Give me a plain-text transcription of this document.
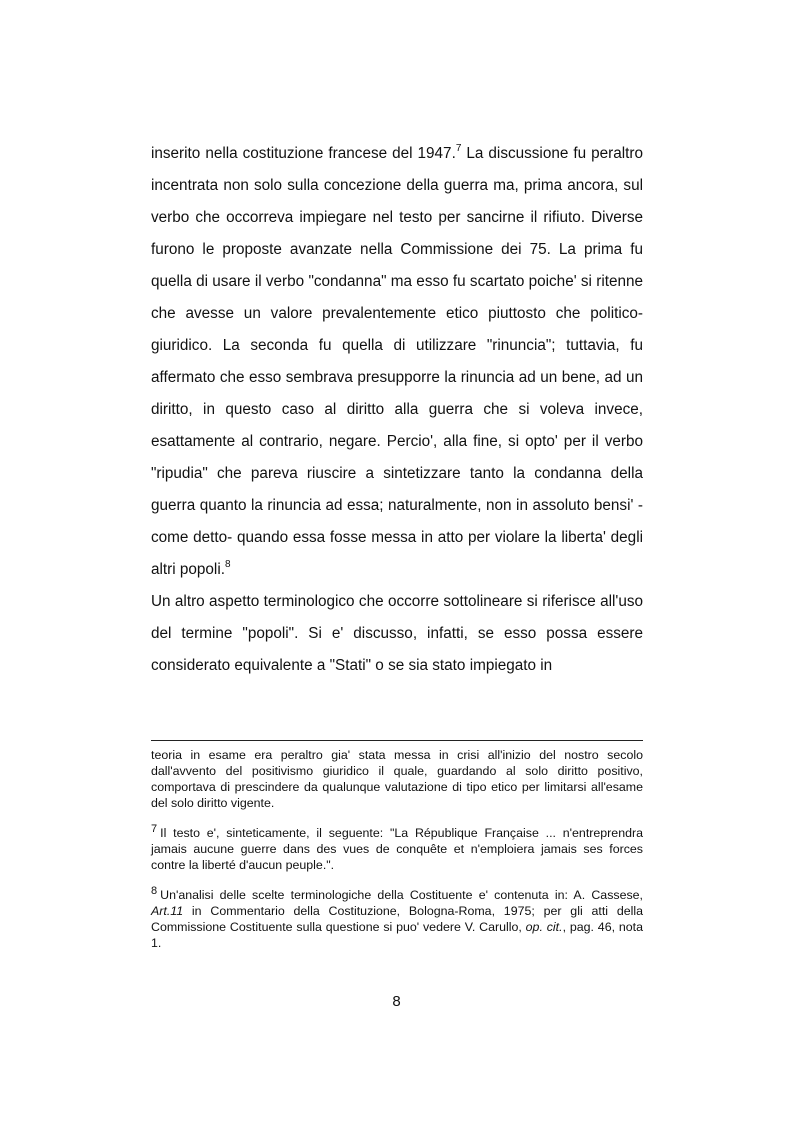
inserito nella costituzione francese del 1947.$^7$ La discussione fu peraltro incentrata non solo sulla concezione della guerra ma, prima ancora, sul verbo che occorreva impiegare nel testo per sancirne il rifiuto. Diverse furono le proposte avanzate nella Commissione dei 75. La prima fu quella di usare il verbo "condanna" ma esso fu scartato poiche' si ritenne che avesse un valore prevalentemente etico piuttosto che politico-giuridico. La seconda fu quella di utilizzare "rinuncia"; tuttavia, fu affermato che esso sembrava presupporre la rinuncia ad un bene, ad un diritto, in questo caso al diritto alla guerra che si voleva invece, esattamente al contrario, negare. Percio', alla fine, si opto' per il verbo "ripudia" che pareva riuscire a sintetizzare tanto la condanna della guerra quanto la rinuncia ad essa; naturalmente, non in assoluto bensi' -come detto- quando essa fosse messa in atto per violare la liberta' degli altri popoli.$^8$

Un altro aspetto terminologico che occorre sottolineare si riferisce all'uso del termine "popoli". Si e' discusso, infatti, se esso possa essere considerato equivalente a "Stati" o se sia stato impiegato in

teoria in esame era peraltro gia' stata messa in crisi all'inizio del nostro secolo dall'avvento del positivismo giuridico il quale, guardando al solo diritto positivo, comportava di prescindere da qualunque valutazione di tipo etico per limitarsi all'esame del solo diritto vigente.

7 Il testo e', sinteticamente, il seguente: "La République Française ... n'entreprendra jamais aucune guerre dans des vues de conquête et n'emploiera jamais ses forces contre la liberté d'aucun peuple.".

8 Un'analisi delle scelte terminologiche della Costituente e' contenuta in: A. Cassese, Art.11 in Commentario della Costituzione, Bologna-Roma, 1975; per gli atti della Commissione Costituente sulla questione si puo' vedere V. Carullo, op. cit., pag. 46, nota 1.

8
